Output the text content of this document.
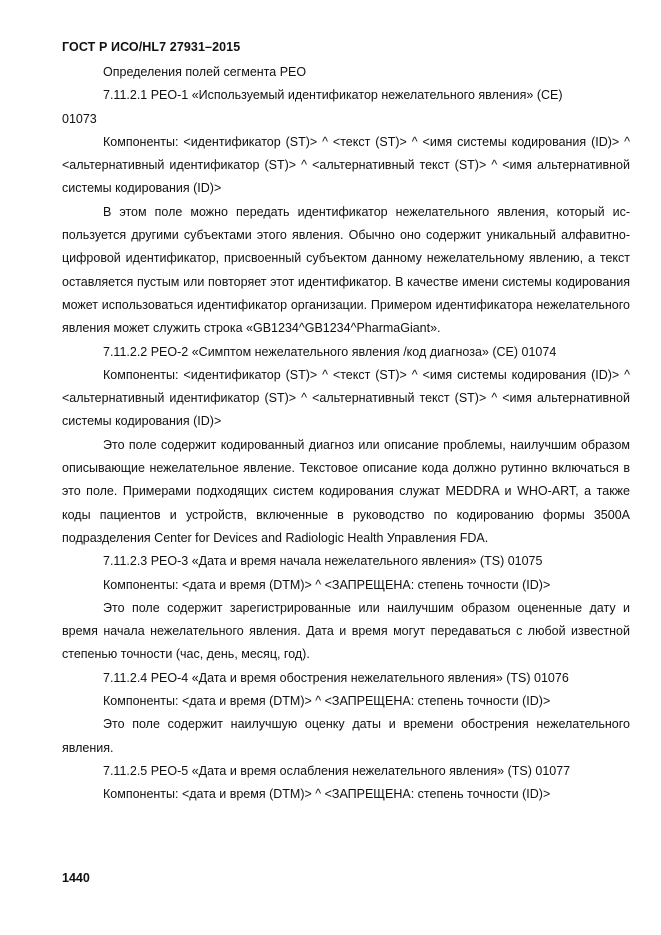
ГОСТ Р ИСО/HL7 27931–2015

Определения полей сегмента PEO

7.11.2.1 PEO-1 «Используемый идентификатор нежелательного явления» (CE)

01073

Компоненты: <идентификатор (ST)> ^ <текст (ST)> ^ <имя системы кодирования (ID)> ^ <альтернативный идентификатор (ST)> ^ <альтернативный текст (ST)> ^ <имя альтернативной системы кодирования (ID)>

В этом поле можно передать идентификатор нежелательного явления, который используется другими субъектами этого явления. Обычно оно содержит уникальный алфавитно-цифровой идентификатор, присвоенный субъектом данному нежелательному явлению, а текст оставляется пустым или повторяет этот идентификатор. В качестве имени системы кодирования может использоваться идентификатор организации. Примером идентификатора нежелательного явления может служить строка «GB1234^GB1234^PharmaGiant».

7.11.2.2 PEO-2 «Симптом нежелательного явления /код диагноза» (CE) 01074

Компоненты: <идентификатор (ST)> ^ <текст (ST)> ^ <имя системы кодирования (ID)> ^ <альтернативный идентификатор (ST)> ^ <альтернативный текст (ST)> ^ <имя альтернативной системы кодирования (ID)>

Это поле содержит кодированный диагноз или описание проблемы, наилучшим образом описывающие нежелательное явление. Текстовое описание кода должно рутинно включаться в это поле. Примерами подходящих систем кодирования служат MEDDRA и WHO-ART, а также коды пациентов и устройств, включенные в руководство по кодированию формы 3500A подразделения Center for Devices and Radiologic Health Управления FDA.

7.11.2.3 PEO-3 «Дата и время начала нежелательного явления» (TS) 01075

Компоненты: <дата и время (DTM)> ^ <ЗАПРЕЩЕНА: степень точности (ID)>

Это поле содержит зарегистрированные или наилучшим образом оцененные дату и время начала нежелательного явления. Дата и время могут передаваться с любой известной степенью точности (час, день, месяц, год).

7.11.2.4 PEO-4 «Дата и время обострения нежелательного явления» (TS) 01076

Компоненты: <дата и время (DTM)> ^ <ЗАПРЕЩЕНА: степень точности (ID)>

Это поле содержит наилучшую оценку даты и времени обострения нежелательного явления.

7.11.2.5 PEO-5 «Дата и время ослабления нежелательного явления» (TS) 01077

Компоненты: <дата и время (DTM)> ^ <ЗАПРЕЩЕНА: степень точности (ID)>

1440
